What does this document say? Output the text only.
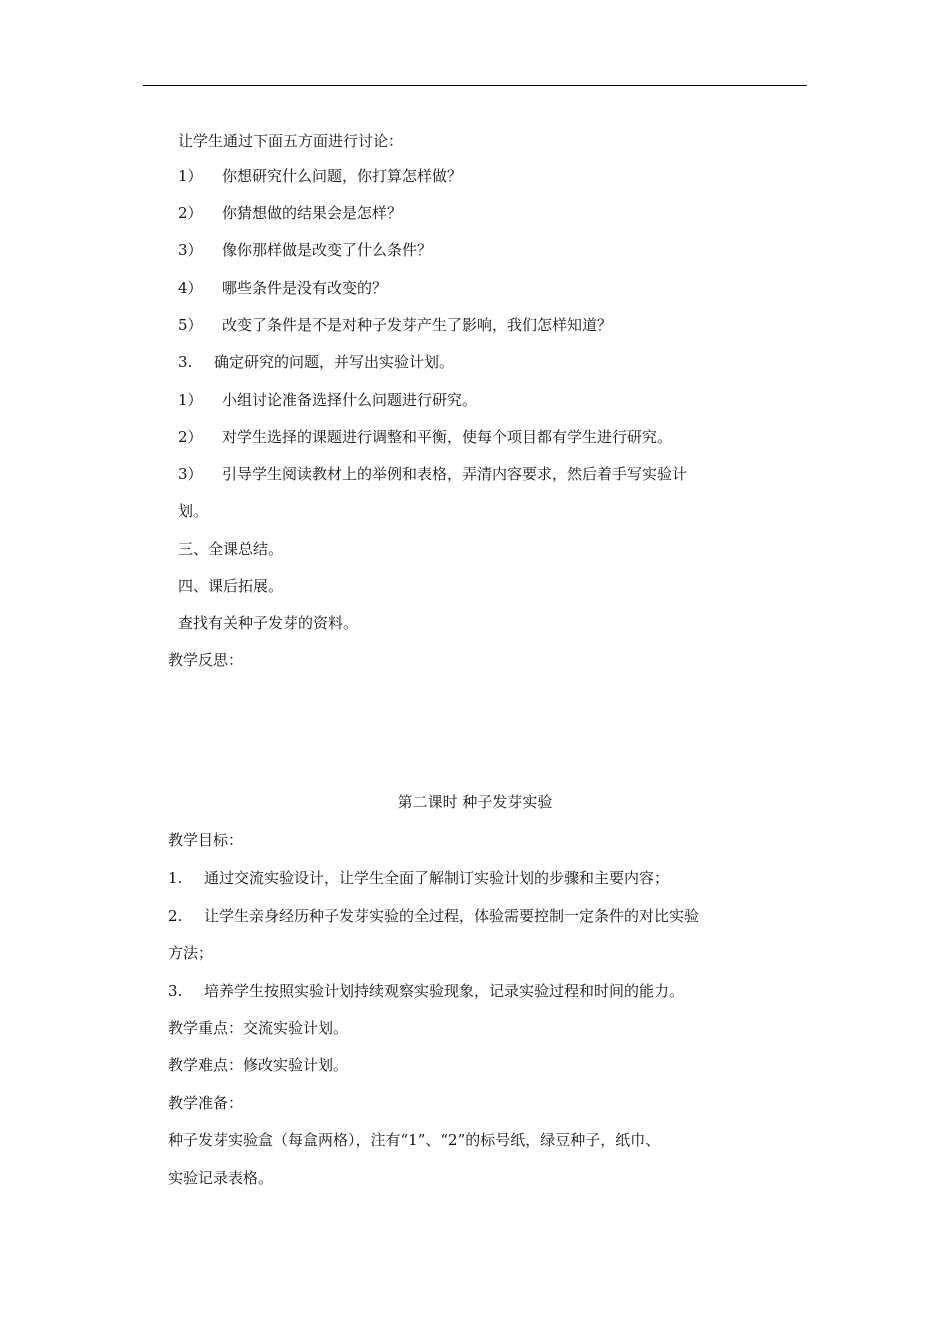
让学生通过下面五方面进行讨论：
1） 你想研究什么问题，你打算怎样做？
2） 你猜想做的结果会是怎样？
3） 像你那样做是改变了什么条件？
4） 哪些条件是没有改变的？
5） 改变了条件是不是对种子发芽产生了影响，我们怎样知道？
3. 确定研究的问题，并写出实验计划。
1） 小组讨论准备选择什么问题进行研究。
2） 对学生选择的课题进行调整和平衡，使每个项目都有学生进行研究。
3） 引导学生阅读教材上的举例和表格，弄清内容要求，然后着手写实验计
划。
三、全课总结。
四、课后拓展。
查找有关种子发芽的资料。
教学反思：
第二课时 种子发芽实验
教学目标：
1. 通过交流实验设计，让学生全面了解制订实验计划的步骤和主要内容；
2. 让学生亲身经历种子发芽实验的全过程，体验需要控制一定条件的对比实验
方法；
3. 培养学生按照实验计划持续观察实验现象，记录实验过程和时间的能力。
教学重点：交流实验计划。
教学难点：修改实验计划。
教学准备：
种子发芽实验盒（每盒两格），注有“1”、“2”的标号纸，绿豆种子，纸巾、
实验记录表格。
